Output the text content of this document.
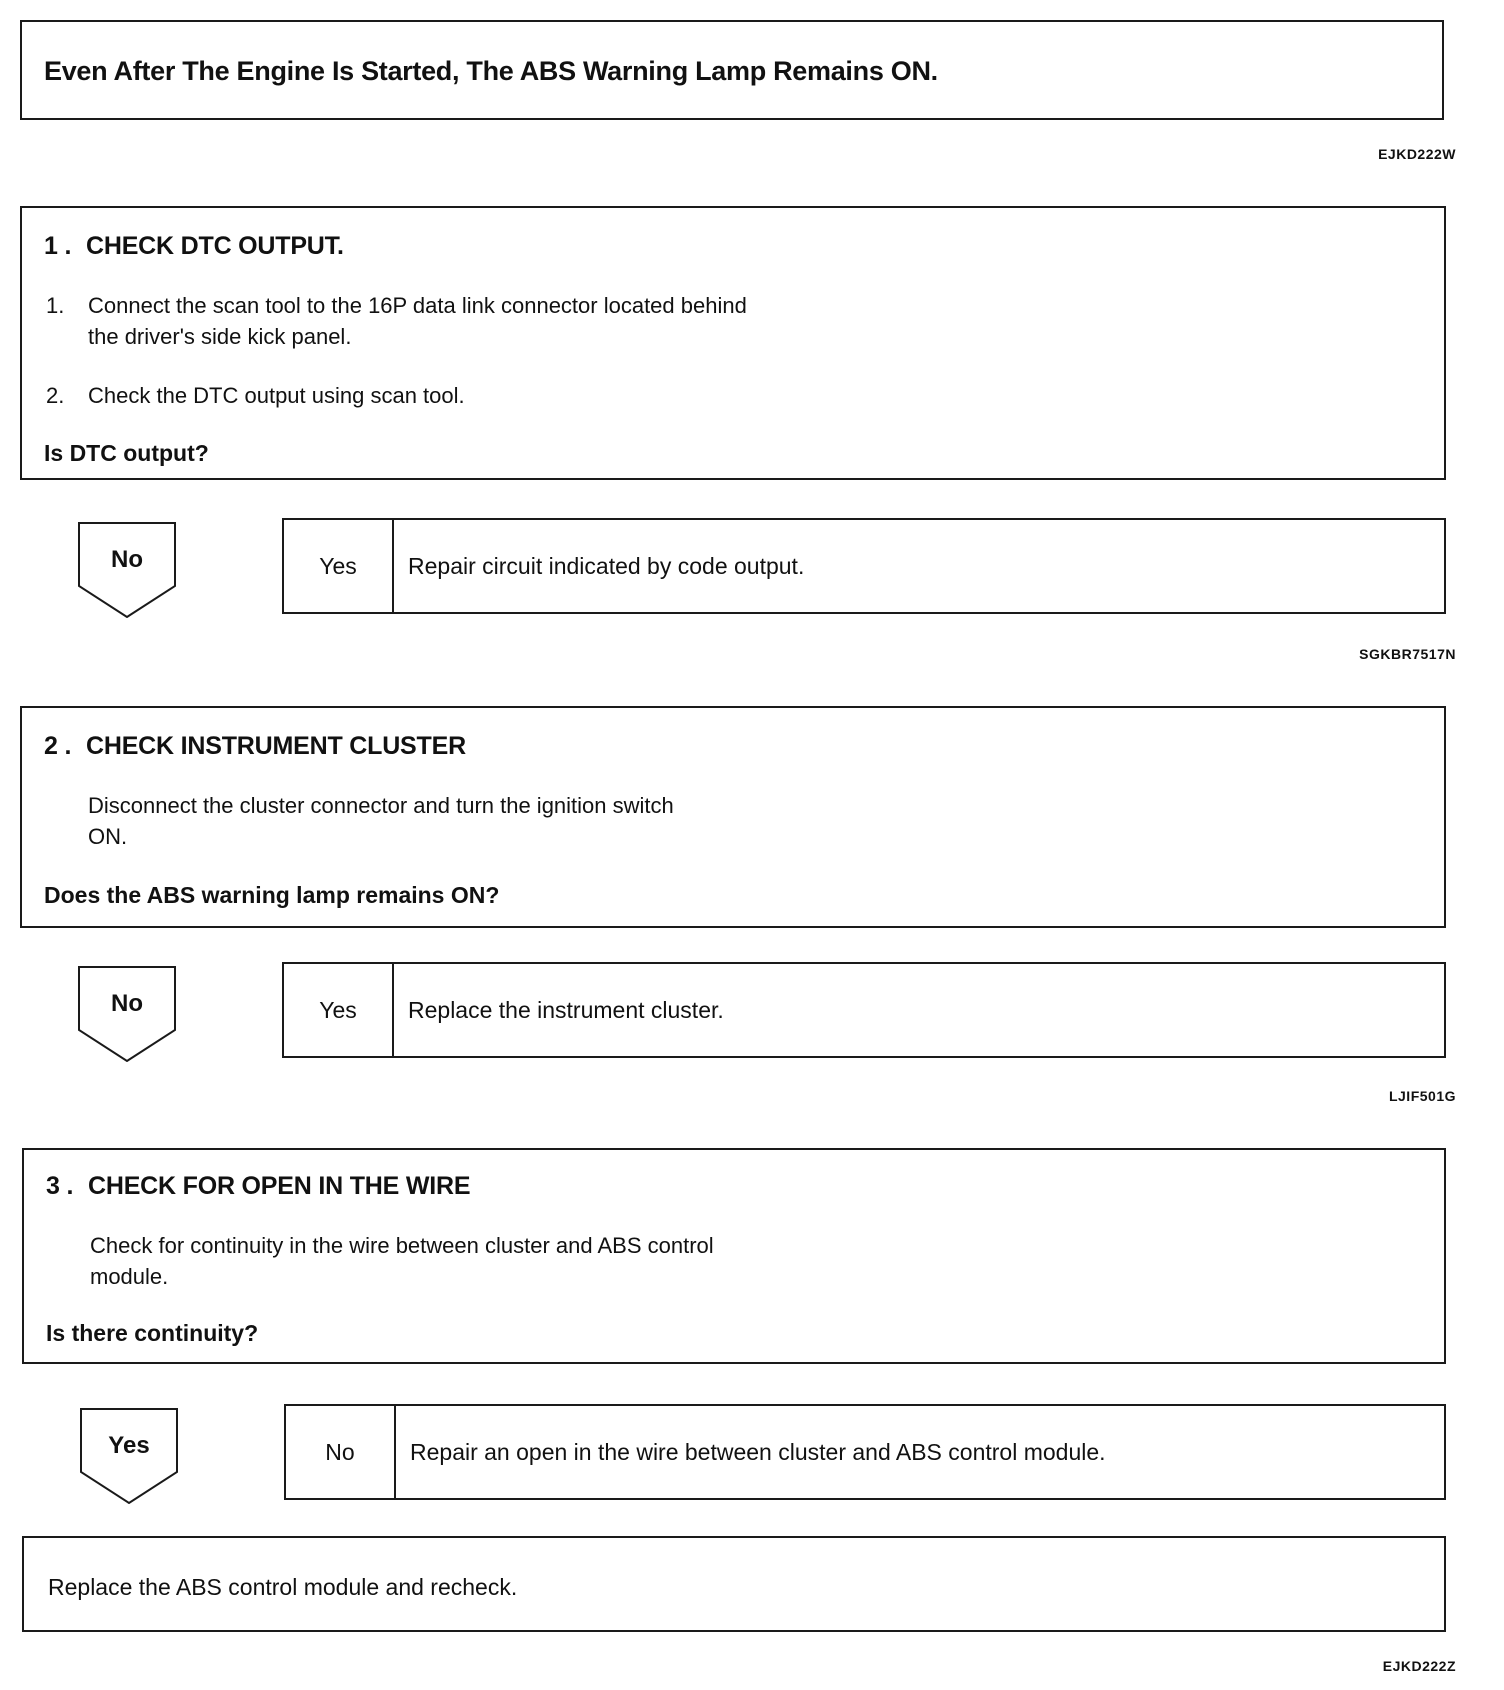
Even After The Engine Is Started, The ABS Warning Lamp Remains ON.
EJKD222W
1 . CHECK DTC OUTPUT.
1. Connect the scan tool to the 16P data link connector located behind
the driver's side kick panel.
2. Check the DTC output using scan tool.
Is DTC output?
No	Yes	Repair circuit indicated by code output.
SGKBR7517N
2 . CHECK INSTRUMENT CLUSTER
Disconnect the cluster connector and turn the ignition switch
ON.
Does the ABS warning lamp remains ON?
No	Yes	Replace the instrument cluster.
LJIF501G
3 . CHECK FOR OPEN IN THE WIRE
Check for continuity in the wire between cluster and ABS control
module.
Is there continuity?
Yes	No	Repair an open in the wire between cluster and ABS control module.
Replace the ABS control module and recheck.
EJKD222Z
